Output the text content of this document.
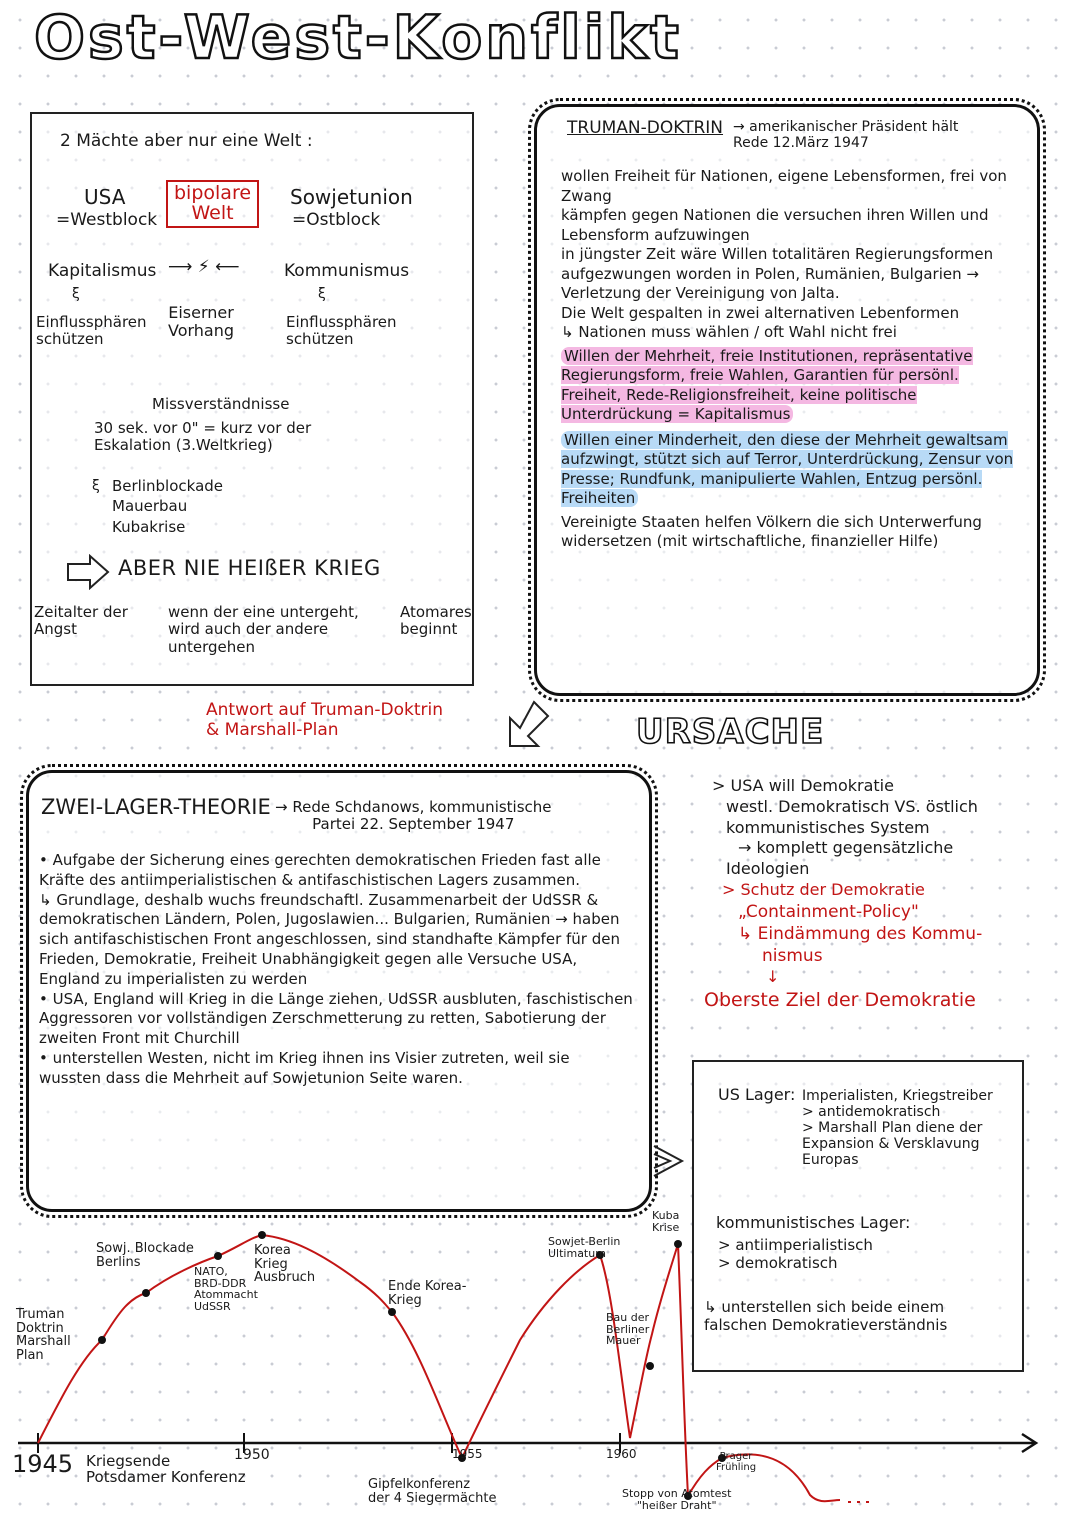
Ost-West-Konflikt
2 Mächte aber nur eine Welt :
USA
=Westblock
bipolare
Welt
Sowjetunion
=Ostblock
Kapitalismus ⟶ ⚡ ⟵	Kommunismus
ξ	ξ
Einflussphären
schützen
Eiserner
Vorhang	Einflussphären
schützen
Missverständnisse
30 sek. vor 0" = kurz vor der
Eskalation (3.Weltkrieg)
ξ Berlinblockade

Mauerbau

Kubakrise

ABER NIE HEIßER KRIEG
Zeitalter der
Angst
wenn der eine untergeht,
wird auch der andere
untergehen
Atomares
beginnt
TRUMAN-DOKTRIN → amerikanischer Präsident hält
Rede 12.März 1947

wollen Freiheit für Nationen, eigene Lebensformen, frei von Zwang

kämpfen gegen Nationen die versuchen ihren Willen und Lebensform aufzuwingen

in jüngster Zeit wäre Willen totalitären Regierungsformen aufgezwungen worden in Polen, Rumänien, Bulgarien → Verletzung der Vereinigung von Jalta.

Die Welt gespalten in zwei alternativen Lebenformen

↳ Nationen muss wählen / oft Wahl nicht frei

Willen der Mehrheit, freie Institutionen, repräsentative Regierungsform, freie Wahlen, Garantien für persönl. Freiheit, Rede-Religionsfreiheit, keine politische Unterdrückung = Kapitalismus

Willen einer Minderheit, den diese der Mehrheit gewaltsam aufzwingt, stützt sich auf Terror, Unterdrückung, Zensur von Presse; Rundfunk, manipulierte Wahlen, Entzug persönl. Freiheiten

Vereinigte Staaten helfen Völkern die sich Unterwerfung widersetzen (mit wirtschaftliche, finanzieller Hilfe)

Antwort auf Truman-Doktrin
& Marshall-Plan	URSACHE

> USA will Demokratie

westl. Demokratisch VS. östlich

kommunistisches System

→ komplett gegensätzliche

Ideologien

> Schutz der Demokratie

„Containment-Policy"

↳ Eindämmung des Kommu-

nismus

↓

Oberste Ziel der Demokratie

ZWEI-LAGER-THEORIE → Rede Schdanows, kommunistische
Partei 22. September 1947

• Aufgabe der Sicherung eines gerechten demokratischen Frieden fast alle Kräfte des antiimperialistischen & antifaschistischen Lagers zusammen.

↳ Grundlage, deshalb wuchs freundschaftl. Zusammenarbeit der UdSSR & demokratischen Ländern, Polen, Jugoslawien... Bulgarien, Rumänien → haben sich antifaschistischen Front angeschlossen, sind standhafte Kämpfer für den Frieden, Demokratie, Freiheit Unabhängigkeit gegen alle Versuche USA, England zu imperialisten zu werden

• USA, England will Krieg in die Länge ziehen, UdSSR ausbluten, faschistischen Aggressoren vor vollständigen Zerschmetterung zu retten, Sabotierung der zweiten Front mit Churchill

• unterstellen Westen, nicht im Krieg ihnen ins Visier zutreten, weil sie wussten dass die Mehrheit auf Sowjetunion Seite waren.

US Lager: Imperialisten, Kriegstreiber

> antidemokratisch

> Marshall Plan diene der Expansion & Versklavung Europas

kommunistisches Lager:

> antiimperialistisch

> demokratisch

↳ unterstellen sich beide einem falschen Demokratieverständnis
1945 Kriegsende
Potsdamer Konferenz
1950	1955	1960
Truman
Doktrin
Marshall
Plan
Sowj. Blockade
Berlins
NATO,
BRD-DDR
Atommacht
UdSSR
Korea
Krieg
Ausbruch
Ende Korea-
Krieg
Gipfelkonferenz
der 4 Siegermächte
Sowjet-Berlin
Ultimatum
Bau der
Berliner
Mauer
Kuba
Krise
Stopp von Atomtest
"heißer Draht"
Prager
Frühling
